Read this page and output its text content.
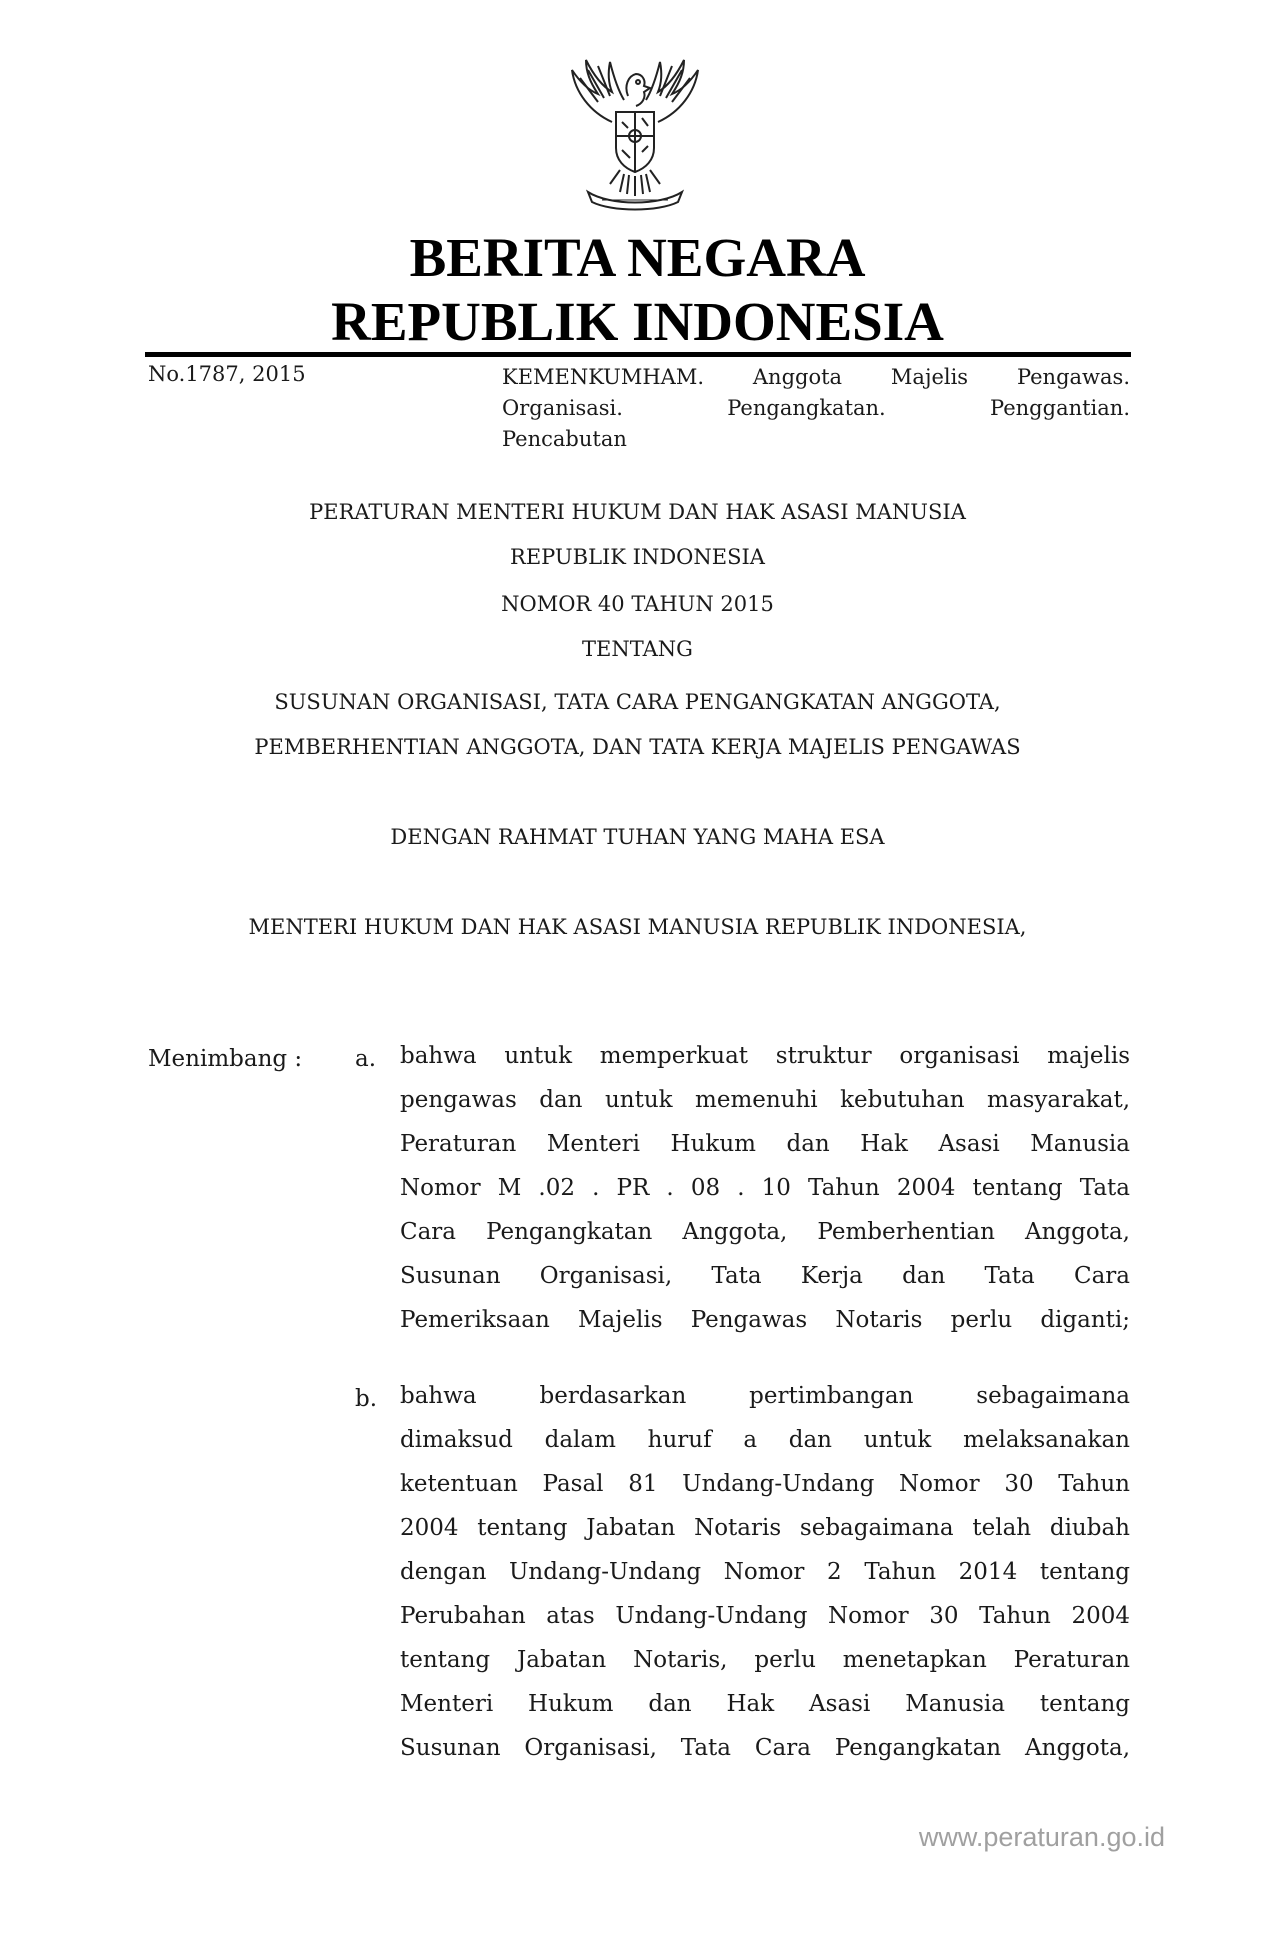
BERITA NEGARA
REPUBLIK INDONESIA
No.1787, 2015	KEMENKUMHAM. Anggota Majelis Pengawas.
Organisasi. Pengangkatan. Penggantian.
Pencabutan
PERATURAN MENTERI HUKUM DAN HAK ASASI MANUSIA
REPUBLIK INDONESIA
NOMOR 40 TAHUN 2015
TENTANG
SUSUNAN ORGANISASI, TATA CARA PENGANGKATAN ANGGOTA,
PEMBERHENTIAN ANGGOTA, DAN TATA KERJA MAJELIS PENGAWAS
DENGAN RAHMAT TUHAN YANG MAHA ESA
MENTERI HUKUM DAN HAK ASASI MANUSIA REPUBLIK INDONESIA,
Menimbang : a. bahwa untuk memperkuat struktur organisasi majelis
pengawas dan untuk memenuhi kebutuhan masyarakat,
Peraturan Menteri Hukum dan Hak Asasi Manusia
Nomor M .02 . PR . 08 . 10 Tahun 2004 tentang Tata
Cara Pengangkatan Anggota, Pemberhentian Anggota,
Susunan Organisasi, Tata Kerja dan Tata Cara
Pemeriksaan Majelis Pengawas Notaris perlu diganti;
b. bahwa berdasarkan pertimbangan sebagaimana
dimaksud dalam huruf a dan untuk melaksanakan
ketentuan Pasal 81 Undang-Undang Nomor 30 Tahun
2004 tentang Jabatan Notaris sebagaimana telah diubah
dengan Undang-Undang Nomor 2 Tahun 2014 tentang
Perubahan atas Undang-Undang Nomor 30 Tahun 2004
tentang Jabatan Notaris, perlu menetapkan Peraturan
Menteri Hukum dan Hak Asasi Manusia tentang
Susunan Organisasi, Tata Cara Pengangkatan Anggota,
www.peraturan.go.id
